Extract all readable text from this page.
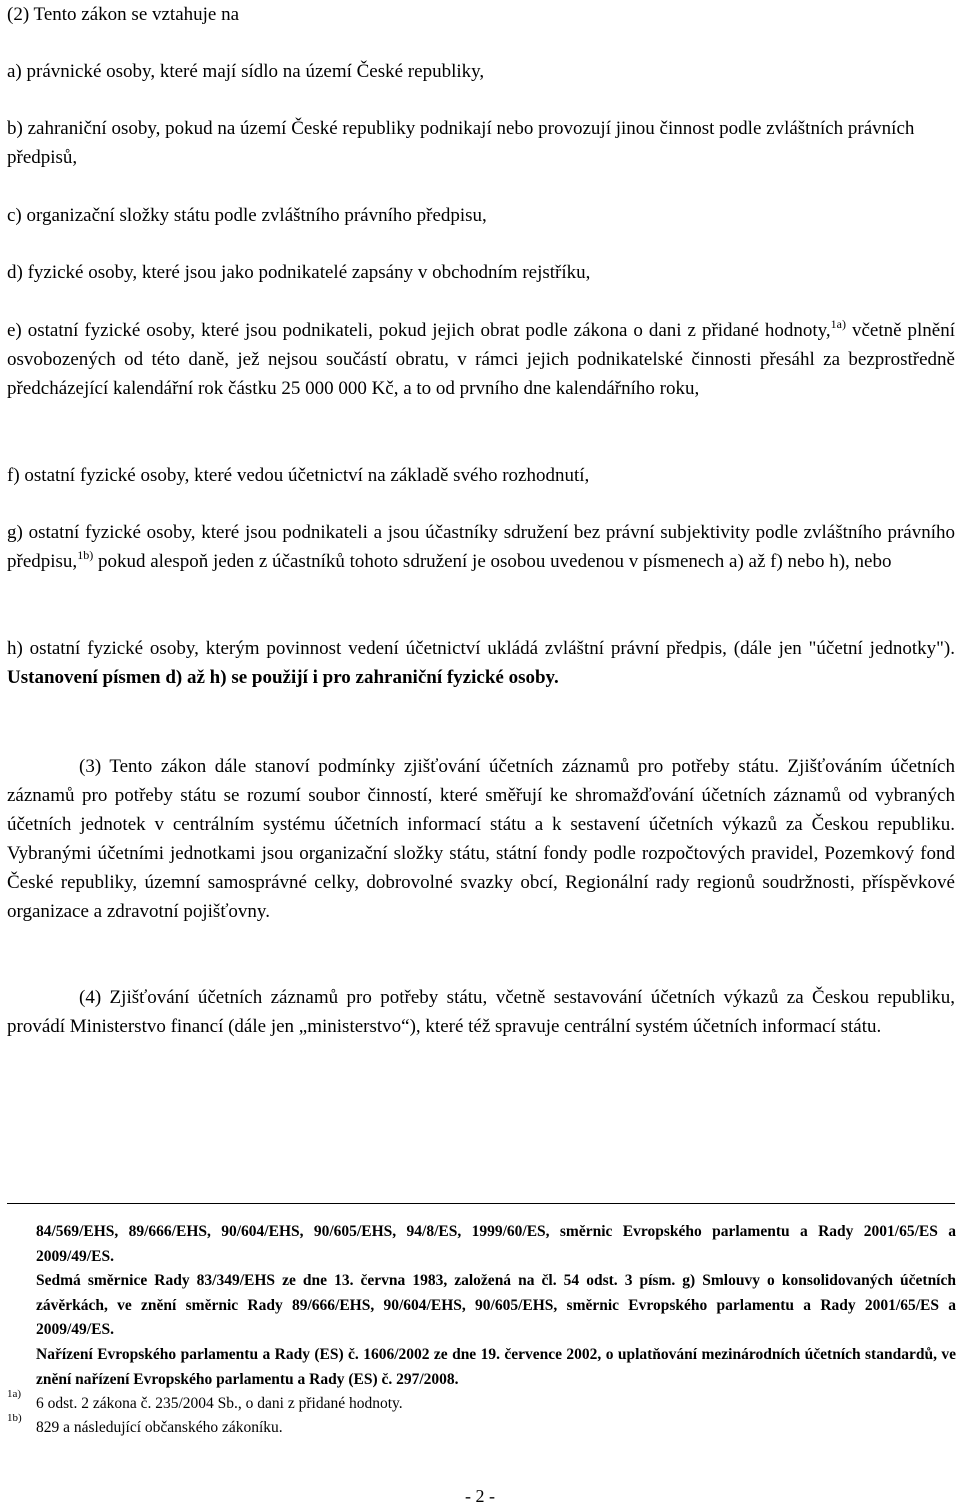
(2) Tento zákon se vztahuje na
a) právnické osoby, které mají sídlo na území České republiky,
b) zahraniční osoby, pokud na území České republiky podnikají nebo provozují jinou činnost podle zvláštních právních předpisů,
c) organizační složky státu podle zvláštního právního předpisu,
d) fyzické osoby, které jsou jako podnikatelé zapsány v obchodním rejstříku,
e) ostatní fyzické osoby, které jsou podnikateli, pokud jejich obrat podle zákona o dani z přidané hodnoty,$^{1a)}$ včetně plnění osvobozených od této daně, jež nejsou součástí obratu, v rámci jejich podnikatelské činnosti přesáhl za bezprostředně předcházející kalendářní rok částku 25 000 000 Kč, a to od prvního dne kalendářního roku,
f) ostatní fyzické osoby, které vedou účetnictví na základě svého rozhodnutí,
g) ostatní fyzické osoby, které jsou podnikateli a jsou účastníky sdružení bez právní subjektivity podle zvláštního právního předpisu,$^{1b)}$ pokud alespoň jeden z účastníků tohoto sdružení je osobou uvedenou v písmenech a) až f) nebo h), nebo
h) ostatní fyzické osoby, kterým povinnost vedení účetnictví ukládá zvláštní právní předpis, (dále jen "účetní jednotky"). Ustanovení písmen d) až h) se použijí i pro zahraniční fyzické osoby.
(3) Tento zákon dále stanoví podmínky zjišťování účetních záznamů pro potřeby státu. Zjišťováním účetních záznamů pro potřeby státu se rozumí soubor činností, které směřují ke shromažďování účetních záznamů od vybraných účetních jednotek v centrálním systému účetních informací státu a k sestavení účetních výkazů za Českou republiku. Vybranými účetními jednotkami jsou organizační složky státu, státní fondy podle rozpočtových pravidel, Pozemkový fond České republiky, územní samosprávné celky, dobrovolné svazky obcí, Regionální rady regionů soudržnosti, příspěvkové organizace a zdravotní pojišťovny.
(4) Zjišťování účetních záznamů pro potřeby státu, včetně sestavování účetních výkazů za Českou republiku, provádí Ministerstvo financí (dále jen „ministerstvo“), které též spravuje centrální systém účetních informací státu.
84/569/EHS, 89/666/EHS, 90/604/EHS, 90/605/EHS, 94/8/ES, 1999/60/ES, směrnic Evropského parlamentu a Rady 2001/65/ES a 2009/49/ES.
Sedmá směrnice Rady 83/349/EHS ze dne 13. června 1983, založená na čl. 54 odst. 3 písm. g) Smlouvy o konsolidovaných účetních závěrkách, ve znění směrnic Rady 89/666/EHS, 90/604/EHS, 90/605/EHS, směrnic Evropského parlamentu a Rady 2001/65/ES a 2009/49/ES.
Nařízení Evropského parlamentu a Rady (ES) č. 1606/2002 ze dne 19. července 2002, o uplatňování mezinárodních účetních standardů, ve znění nařízení Evropského parlamentu a Rady (ES) č. 297/2008.
1a)
6 odst. 2 zákona č. 235/2004 Sb., o dani z přidané hodnoty.
1b)
829 a následující občanského zákoníku.
- 2 -
